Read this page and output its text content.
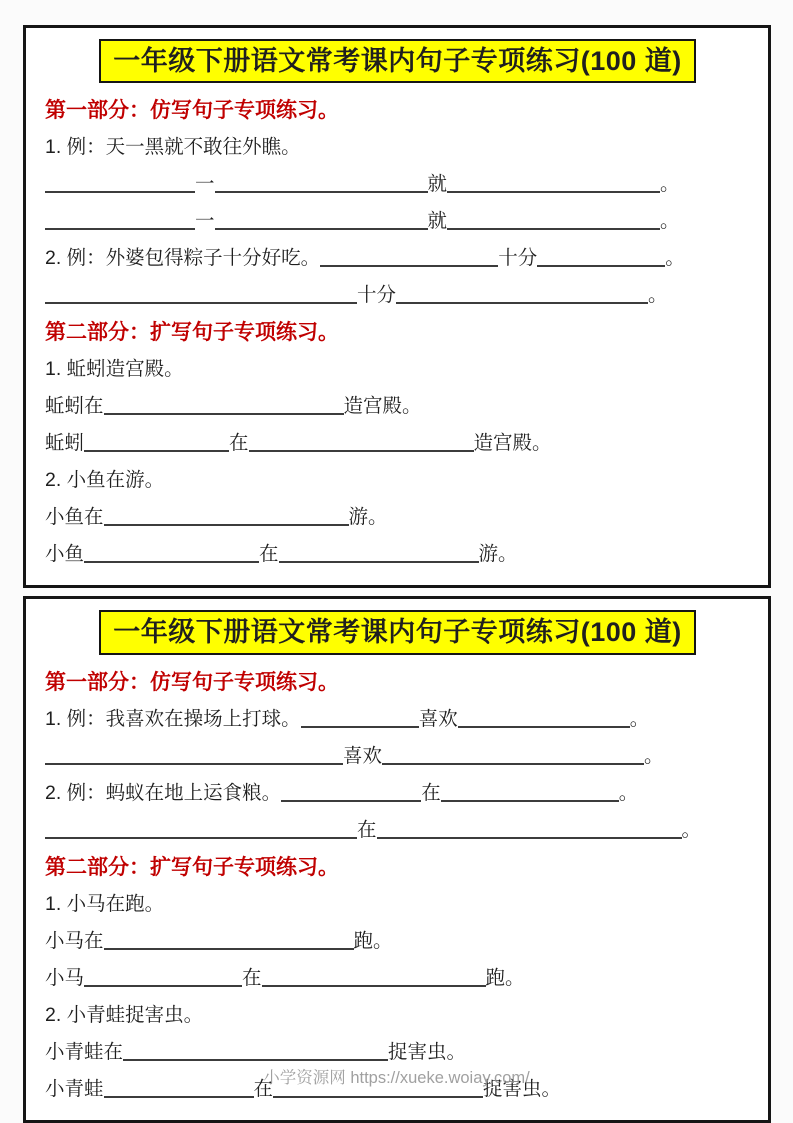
一年级下册语文常考课内句子专项练习(100 道)
第一部分：仿写句子专项练习。
1. 例：天一黑就不敢往外瞧。
一	就	。
一	就	。
2. 例：外婆包得粽子十分好吃。	十分	。
十分	。
第二部分：扩写句子专项练习。
1. 蚯蚓造宫殿。
蚯蚓在	造宫殿。
蚯蚓	在	造宫殿。
2. 小鱼在游。
小鱼在	游。
小鱼	在	游。
一年级下册语文常考课内句子专项练习(100 道)
第一部分：仿写句子专项练习。
1. 例：我喜欢在操场上打球。	喜欢	。
喜欢	。
2. 例：蚂蚁在地上运食粮。	在	。
在	。
第二部分：扩写句子专项练习。
1. 小马在跑。
小马在	跑。
小马	在	跑。
2. 小青蛙捉害虫。
小青蛙在	捉害虫。
小青蛙	在	捉害虫。
小学资源网 https://xueke.woiay.com/
